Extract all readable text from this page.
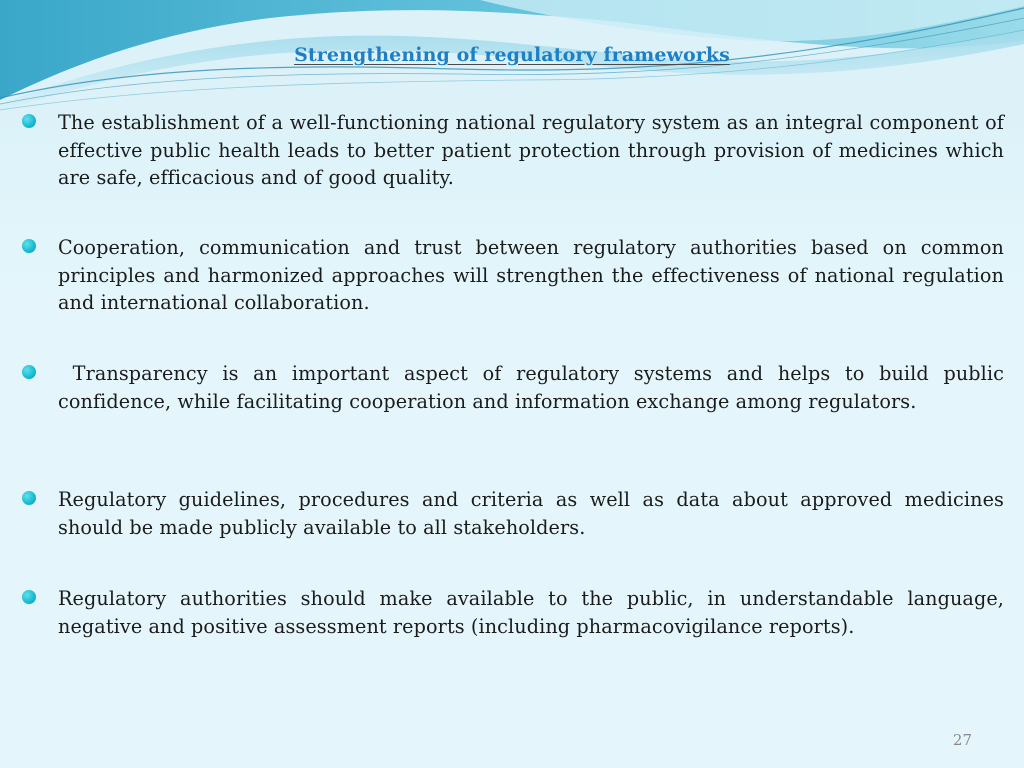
Strengthening of regulatory frameworks
The establishment of a well-functioning national regulatory system as an integral component of effective public health leads to better patient protection through provision of medicines which are safe, efficacious and of good quality.
Cooperation, communication and trust between regulatory authorities based on common principles and harmonized approaches will strengthen the effectiveness of national regulation and international collaboration.
Transparency is an important aspect of regulatory systems and helps to build public confidence, while facilitating cooperation and information exchange among regulators.
Regulatory guidelines, procedures and criteria as well as data about approved medicines should be made publicly available to all stakeholders.
Regulatory authorities should make available to the public, in understandable language, negative and positive assessment reports (including pharmacovigilance reports).
27
